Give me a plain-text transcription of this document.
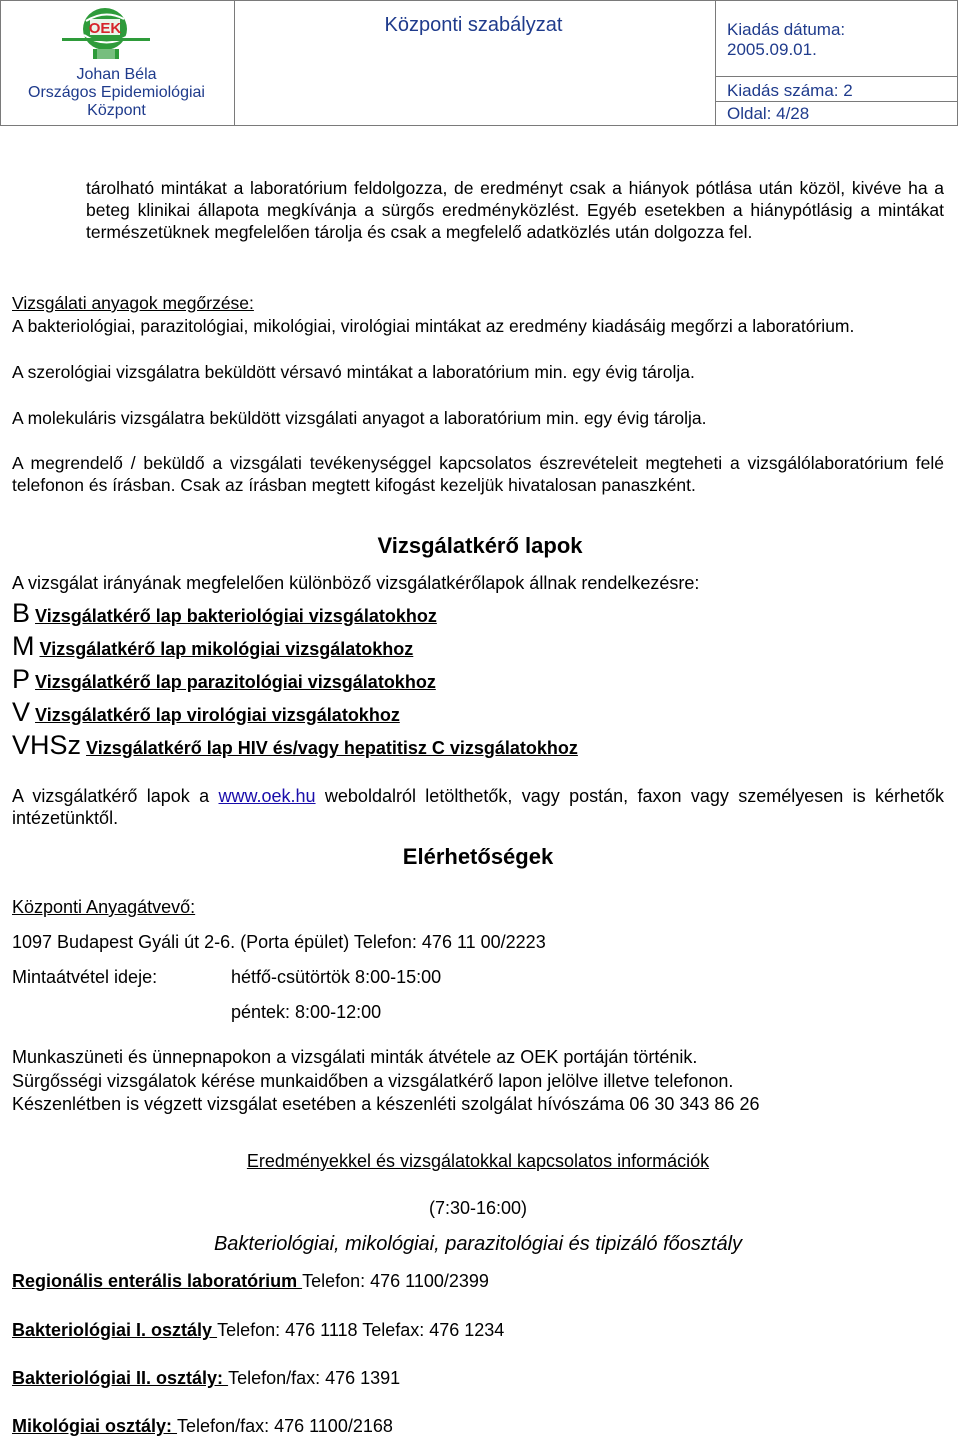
OEK
Johan Béla
Országos Epidemiológiai
Központ
Központi szabályzat	Kiadás dátuma:
2005.09.01.
Kiadás száma: 2
Oldal: 4/28
tárolható mintákat a laboratórium feldolgozza, de eredményt csak a hiányok pótlása után közöl, kivéve ha a beteg klinikai állapota megkívánja a sürgős eredményközlést. Egyéb esetekben a hiánypótlásig a mintákat természetüknek megfelelően tárolja és csak a megfelelő adatközlés után dolgozza fel.
Vizsgálati anyagok megőrzése:
A bakteriológiai, parazitológiai, mikológiai, virológiai mintákat az eredmény kiadásáig megőrzi a laboratórium.
A szerológiai vizsgálatra beküldött vérsavó mintákat a laboratórium min. egy évig tárolja.
A molekuláris vizsgálatra beküldött vizsgálati anyagot a laboratórium min. egy évig tárolja.
A megrendelő / beküldő a vizsgálati tevékenységgel kapcsolatos észrevételeit megteheti a vizsgálólaboratórium felé telefonon és írásban. Csak az írásban megtett kifogást kezeljük hivatalosan panaszként.
Vizsgálatkérő lapok
A vizsgálat irányának megfelelően különböző vizsgálatkérőlapok állnak rendelkezésre:
B Vizsgálatkérő lap bakteriológiai vizsgálatokhoz
M Vizsgálatkérő lap mikológiai vizsgálatokhoz
P Vizsgálatkérő lap parazitológiai vizsgálatokhoz
V Vizsgálatkérő lap virológiai vizsgálatokhoz
VHSz Vizsgálatkérő lap HIV és/vagy hepatitisz C vizsgálatokhoz
A vizsgálatkérő lapok a www.oek.hu weboldalról letölthetők, vagy postán, faxon vagy személyesen is kérhetők intézetünktől.
Elérhetőségek
Központi Anyagátvevő:
1097 Budapest Gyáli út 2-6. (Porta épület) Telefon: 476 11 00/2223
Mintaátvétel ideje:	hétfő-csütörtök 8:00-15:00
péntek: 8:00-12:00
Munkaszüneti és ünnepnapokon a vizsgálati minták átvétele az OEK portáján történik.
Sürgősségi vizsgálatok kérése munkaidőben a vizsgálatkérő lapon jelölve illetve telefonon.
Készenlétben is végzett vizsgálat esetében a készenléti szolgálat hívószáma 06 30 343 86 26
Eredményekkel és vizsgálatokkal kapcsolatos információk
(7:30-16:00)
Bakteriológiai, mikológiai, parazitológiai és tipizáló főosztály
Regionális enterális laboratórium Telefon: 476 1100/2399
Bakteriológiai I. osztály Telefon: 476 1118 Telefax: 476 1234
Bakteriológiai II. osztály: Telefon/fax: 476 1391
Mikológiai osztály: Telefon/fax: 476 1100/2168
